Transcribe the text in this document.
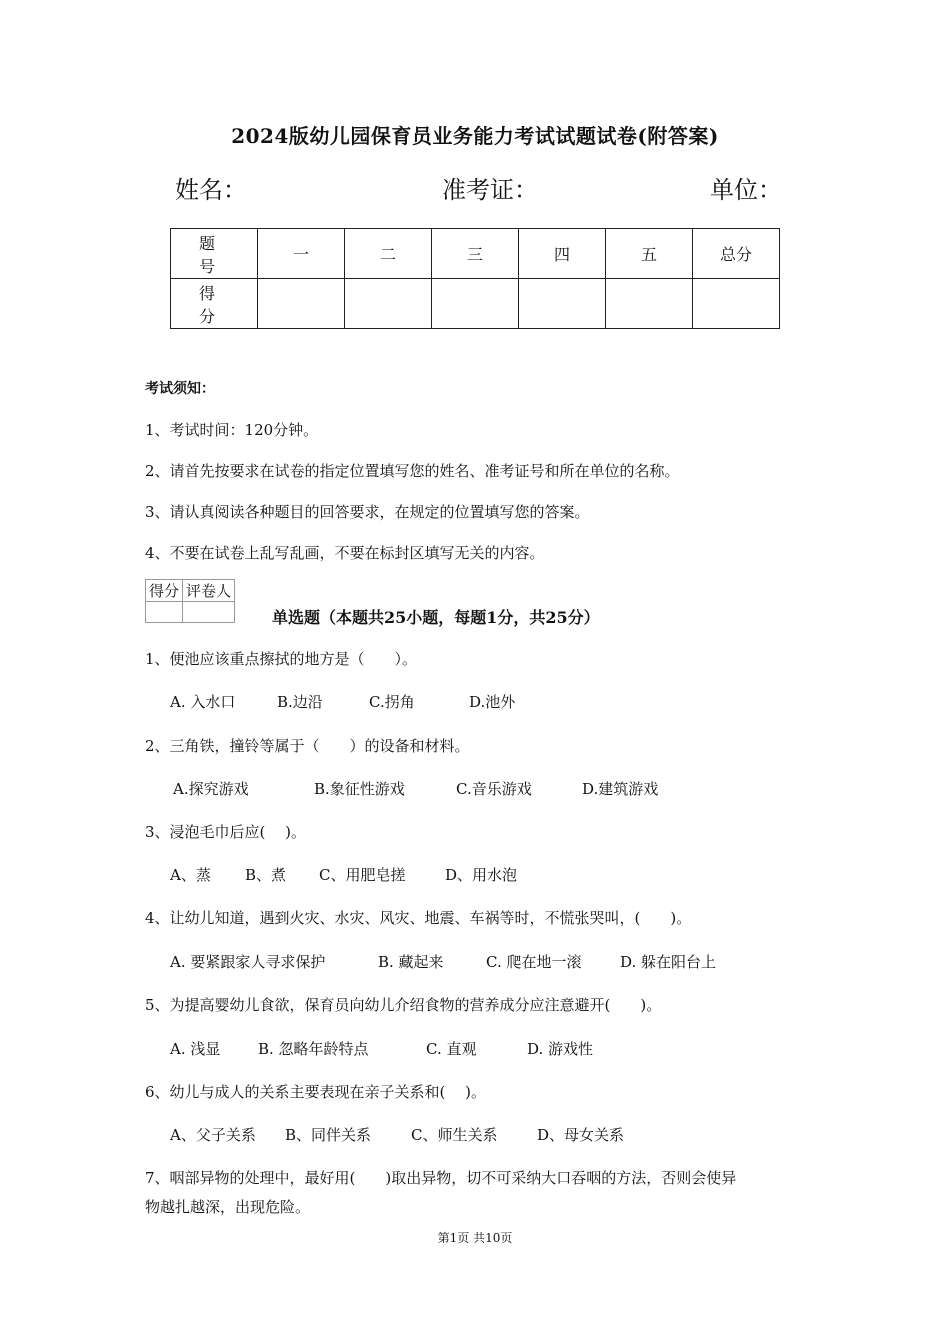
2024版幼儿园保育员业务能力考试试题试卷(附答案)
姓名：	准考证：	单位：
题　号	一	二	三	四	五	总分
得　分						
考试须知：
1、考试时间：120分钟。
2、请首先按要求在试卷的指定位置填写您的姓名、准考证号和所在单位的名称。
3、请认真阅读各种题目的回答要求，在规定的位置填写您的答案。
4、不要在试卷上乱写乱画，不要在标封区填写无关的内容。
得分	评卷人

单选题（本题共25小题，每题1分，共25分）
1、便池应该重点擦拭的地方是（　　）。
A. 入水口	B.边沿	C.拐角	D.池外
2、三角铁，撞铃等属于（　　）的设备和材料。
A.探究游戏	B.象征性游戏	C.音乐游戏	D.建筑游戏
3、浸泡毛巾后应(　 )。
A、蒸 B、煮 C、用肥皂搓	D、用水泡
4、让幼儿知道，遇到火灾、水灾、风灾、地震、车祸等时，不慌张哭叫，(　　)。
A. 要紧跟家人寻求保护	B. 藏起来	C. 爬在地一滚	D. 躲在阳台上
5、为提高婴幼儿食欲，保育员向幼儿介绍食物的营养成分应注意避开(　　)。
A. 浅显	B. 忽略年龄特点	C. 直观	D. 游戏性
6、幼儿与成人的关系主要表现在亲子关系和(　 )。
A、父子关系 B、同伴关系	C、师生关系	D、母女关系
7、咽部异物的处理中，最好用(　　)取出异物，切不可采纳大口吞咽的方法，否则会使异
物越扎越深，出现危险。
第1页 共10页
